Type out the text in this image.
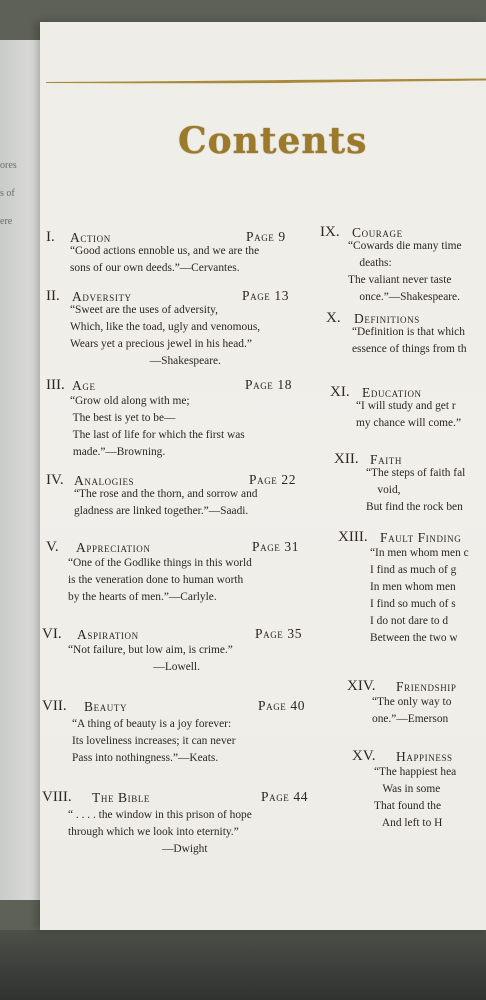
ores
s of
ere
Contents
I. Action	Page 9
“Good actions ennoble us, and we are the
sons of our own deeds.”—Cervantes.
II. Adversity	Page 13
“Sweet are the uses of adversity,
Which, like the toad, ugly and venomous,
Wears yet a precious jewel in his head.”
—Shakespeare.
III. Age	Page 18
“Grow old along with me;
The best is yet to be—
The last of life for which the first was
made.”—Browning.
IV. Analogies	Page 22
“The rose and the thorn, and sorrow and
gladness are linked together.”—Saadi.
V. Appreciation	Page 31
“One of the Godlike things in this world
is the veneration done to human worth
by the hearts of men.”—Carlyle.
VI. Aspiration	Page 35
“Not failure, but low aim, is crime.”
—Lowell.
VII. Beauty	Page 40
“A thing of beauty is a joy forever:
Its loveliness increases; it can never
Pass into nothingness.”—Keats.
VIII. The Bible	Page 44
“ . . . . the window in this prison of hope
through which we look into eternity.”
—Dwight
IX. Courage
“Cowards die many time
deaths:
The valiant never taste
once.”—Shakespeare.
X. Definitions
“Definition is that which
essence of things from th
XI. Education
“I will study and get r
my chance will come.”
XII. Faith
“The steps of faith fal
void,
But find the rock ben
XIII. Fault Finding
“In men whom men c
I find as much of g
In men whom men
I find so much of s
I do not dare to d
Between the two w
XIV. Friendship
“The only way to
one.”—Emerson
XV. Happiness
“The happiest hea
Was in some
That found the
And left to H
